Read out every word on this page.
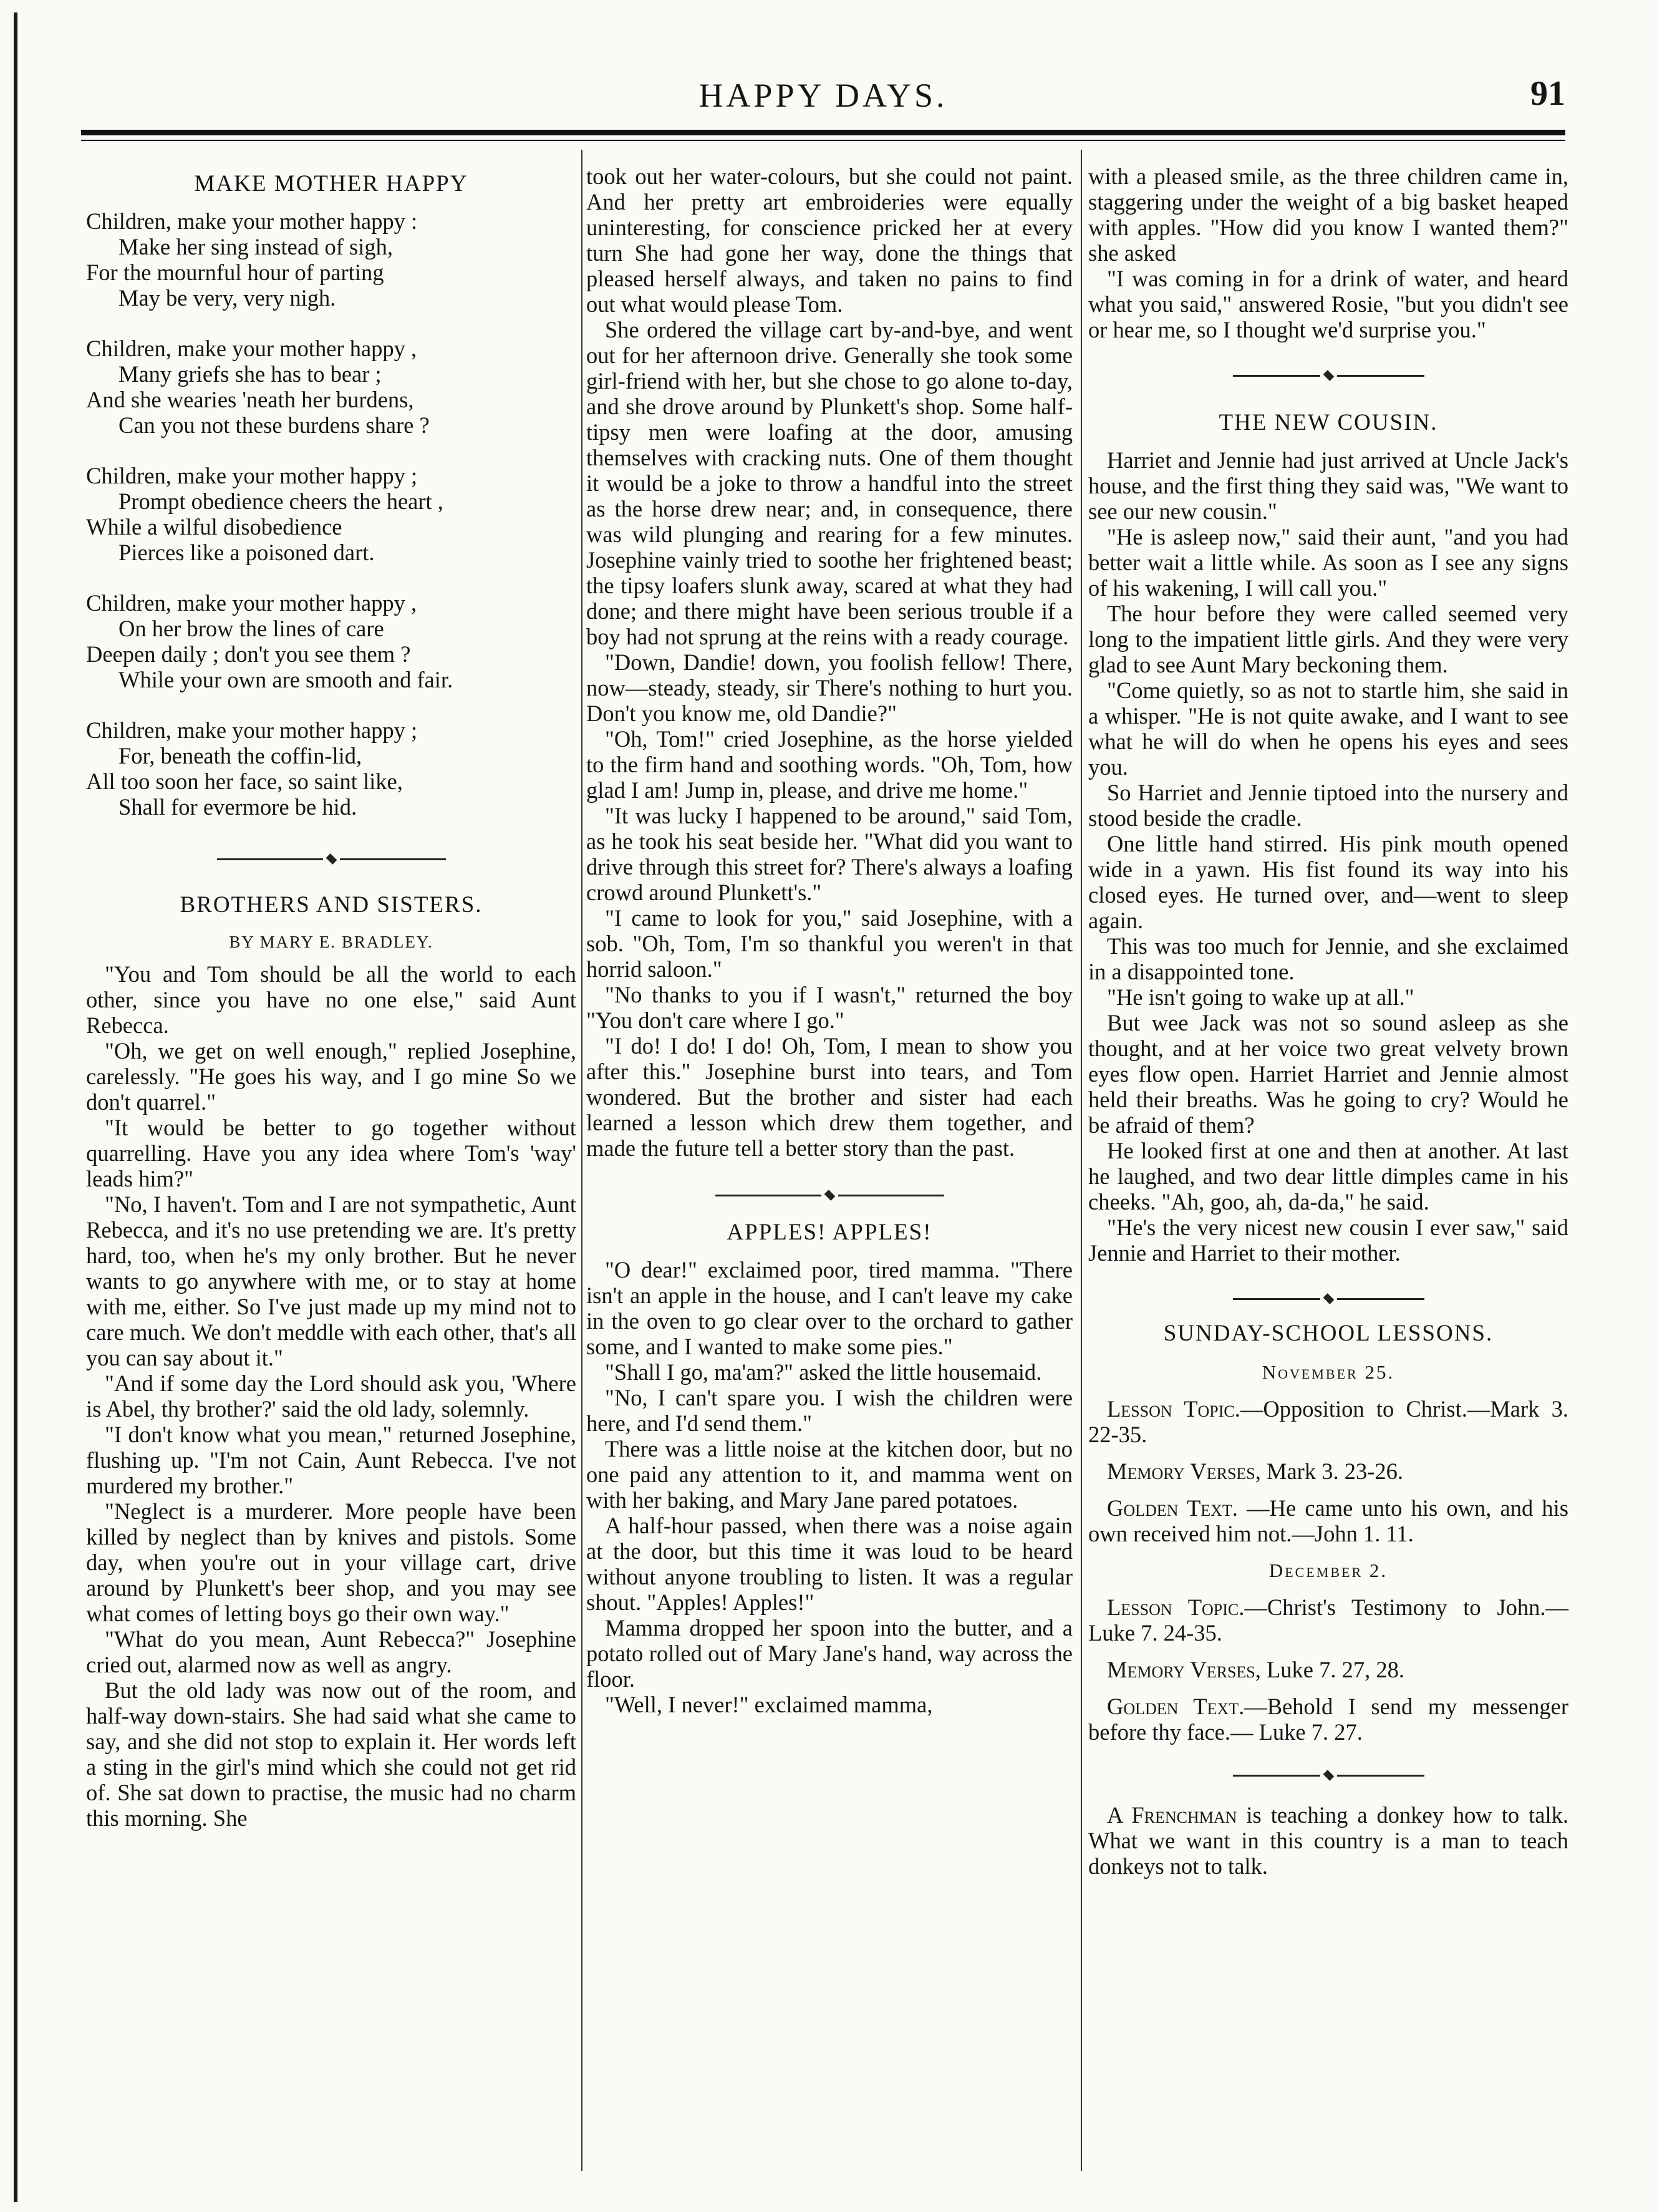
HAPPY DAYS.	91
MAKE MOTHER HAPPY
Children, make your mother happy :
Make her sing instead of sigh,
For the mournful hour of parting
May be very, very nigh.
Children, make your mother happy ,
Many griefs she has to bear ;
And she wearies 'neath her burdens,
Can you not these burdens share ?
Children, make your mother happy ;
Prompt obedience cheers the heart ,
While a wilful disobedience
Pierces like a poisoned dart.
Children, make your mother happy ,
On her brow the lines of care
Deepen daily ; don't you see them ?
While your own are smooth and fair.
Children, make your mother happy ;
For, beneath the coffin-lid,
All too soon her face, so saint like,
Shall for evermore be hid.
BROTHERS AND SISTERS.
BY MARY E. BRADLEY.

"You and Tom should be all the world to each other, since you have no one else," said Aunt Rebecca.

"Oh, we get on well enough," replied Josephine, carelessly. "He goes his way, and I go mine So we don't quarrel."

"It would be better to go together without quarrelling. Have you any idea where Tom's 'way' leads him?"

"No, I haven't. Tom and I are not sympathetic, Aunt Rebecca, and it's no use pretending we are. It's pretty hard, too, when he's my only brother. But he never wants to go anywhere with me, or to stay at home with me, either. So I've just made up my mind not to care much. We don't meddle with each other, that's all you can say about it."

"And if some day the Lord should ask you, 'Where is Abel, thy brother?' said the old lady, solemnly.

"I don't know what you mean," returned Josephine, flushing up. "I'm not Cain, Aunt Rebecca. I've not murdered my brother."

"Neglect is a murderer. More people have been killed by neglect than by knives and pistols. Some day, when you're out in your village cart, drive around by Plunkett's beer shop, and you may see what comes of letting boys go their own way."

"What do you mean, Aunt Rebecca?" Josephine cried out, alarmed now as well as angry.

But the old lady was now out of the room, and half-way down-stairs. She had said what she came to say, and she did not stop to explain it. Her words left a sting in the girl's mind which she could not get rid of. She sat down to practise, the music had no charm this morning. She

took out her water-colours, but she could not paint. And her pretty art embroideries were equally uninteresting, for conscience pricked her at every turn She had gone her way, done the things that pleased herself always, and taken no pains to find out what would please Tom.

She ordered the village cart by-and-bye, and went out for her afternoon drive. Generally she took some girl-friend with her, but she chose to go alone to-day, and she drove around by Plunkett's shop. Some half-tipsy men were loafing at the door, amusing themselves with cracking nuts. One of them thought it would be a joke to throw a handful into the street as the horse drew near; and, in consequence, there was wild plunging and rearing for a few minutes. Josephine vainly tried to soothe her frightened beast; the tipsy loafers slunk away, scared at what they had done; and there might have been serious trouble if a boy had not sprung at the reins with a ready courage.

"Down, Dandie! down, you foolish fellow! There, now—steady, steady, sir There's nothing to hurt you. Don't you know me, old Dandie?"

"Oh, Tom!" cried Josephine, as the horse yielded to the firm hand and soothing words. "Oh, Tom, how glad I am! Jump in, please, and drive me home."

"It was lucky I happened to be around," said Tom, as he took his seat beside her. "What did you want to drive through this street for? There's always a loafing crowd around Plunkett's."

"I came to look for you," said Josephine, with a sob. "Oh, Tom, I'm so thankful you weren't in that horrid saloon."

"No thanks to you if I wasn't," returned the boy "You don't care where I go."

"I do! I do! I do! Oh, Tom, I mean to show you after this." Josephine burst into tears, and Tom wondered. But the brother and sister had each learned a lesson which drew them together, and made the future tell a better story than the past.

APPLES! APPLES!

"O dear!" exclaimed poor, tired mamma. "There isn't an apple in the house, and I can't leave my cake in the oven to go clear over to the orchard to gather some, and I wanted to make some pies."

"Shall I go, ma'am?" asked the little housemaid.

"No, I can't spare you. I wish the children were here, and I'd send them."

There was a little noise at the kitchen door, but no one paid any attention to it, and mamma went on with her baking, and Mary Jane pared potatoes.

A half-hour passed, when there was a noise again at the door, but this time it was loud to be heard without anyone troubling to listen. It was a regular shout. "Apples! Apples!"

Mamma dropped her spoon into the butter, and a potato rolled out of Mary Jane's hand, way across the floor.

"Well, I never!" exclaimed mamma,

with a pleased smile, as the three children came in, staggering under the weight of a big basket heaped with apples. "How did you know I wanted them?" she asked

"I was coming in for a drink of water, and heard what you said," answered Rosie, "but you didn't see or hear me, so I thought we'd surprise you."

THE NEW COUSIN.

Harriet and Jennie had just arrived at Uncle Jack's house, and the first thing they said was, "We want to see our new cousin."

"He is asleep now," said their aunt, "and you had better wait a little while. As soon as I see any signs of his wakening, I will call you."

The hour before they were called seemed very long to the impatient little girls. And they were very glad to see Aunt Mary beckoning them.

"Come quietly, so as not to startle him, she said in a whisper. "He is not quite awake, and I want to see what he will do when he opens his eyes and sees you.

So Harriet and Jennie tiptoed into the nursery and stood beside the cradle.

One little hand stirred. His pink mouth opened wide in a yawn. His fist found its way into his closed eyes. He turned over, and—went to sleep again.

This was too much for Jennie, and she exclaimed in a disappointed tone.

"He isn't going to wake up at all."

But wee Jack was not so sound asleep as she thought, and at her voice two great velvety brown eyes flow open. Harriet Harriet and Jennie almost held their breaths. Was he going to cry? Would he be afraid of them?

He looked first at one and then at another. At last he laughed, and two dear little dimples came in his cheeks. "Ah, goo, ah, da-da," he said.

"He's the very nicest new cousin I ever saw," said Jennie and Harriet to their mother.

SUNDAY-SCHOOL LESSONS.
November 25.

Lesson Topic.—Opposition to Christ.—Mark 3. 22-35.

Memory Verses, Mark 3. 23-26.

Golden Text. —He came unto his own, and his own received him not.—John 1. 11.

December 2.

Lesson Topic.—Christ's Testimony to John.—Luke 7. 24-35.

Memory Verses, Luke 7. 27, 28.

Golden Text.—Behold I send my messenger before thy face.— Luke 7. 27.

A Frenchman is teaching a donkey how to talk. What we want in this country is a man to teach donkeys not to talk.
